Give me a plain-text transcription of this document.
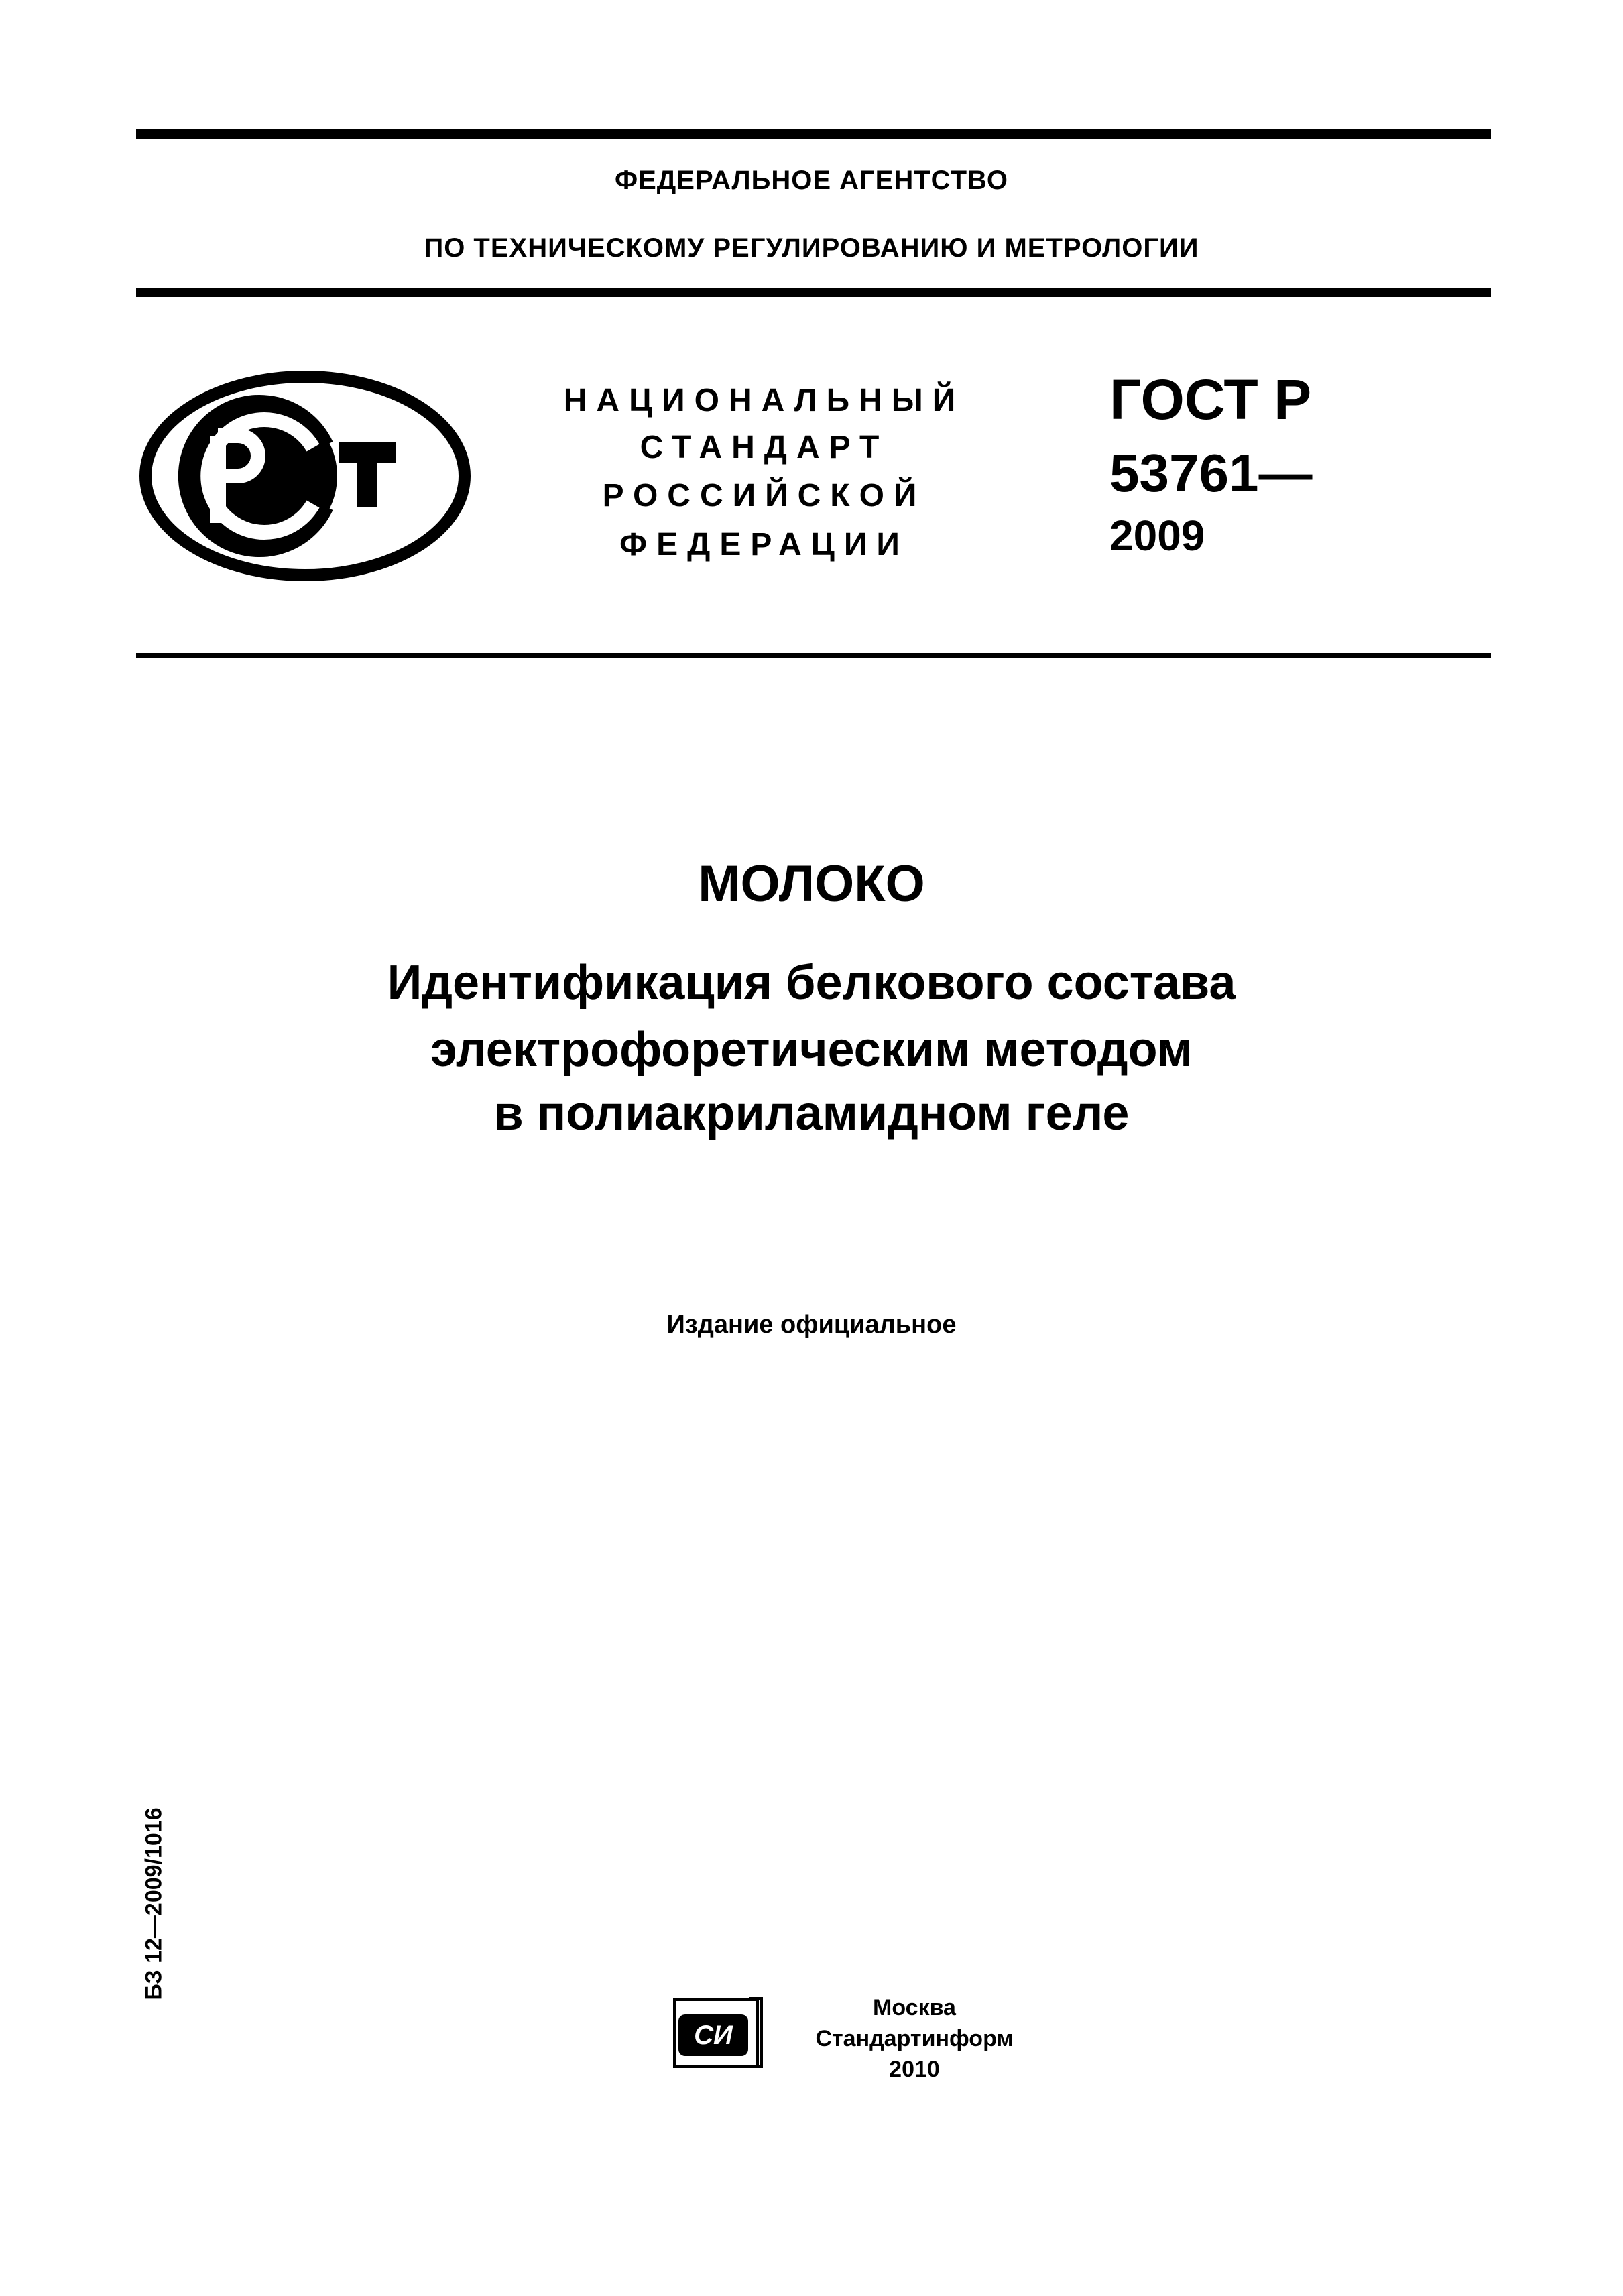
ФЕДЕРАЛЬНОЕ АГЕНТСТВО
ПО ТЕХНИЧЕСКОМУ РЕГУЛИРОВАНИЮ И МЕТРОЛОГИИ
НАЦИОНАЛЬНЫЙ
СТАНДАРТ
РОССИЙСКОЙ
ФЕДЕРАЦИИ
ГОСТ Р
53761—
2009
МОЛОКО
Идентификация белкового состава
электрофоретическим методом
в полиакриламидном геле
Издание официальное
БЗ 12—2009/1016
СИ
Москва
Стандартинформ
2010
